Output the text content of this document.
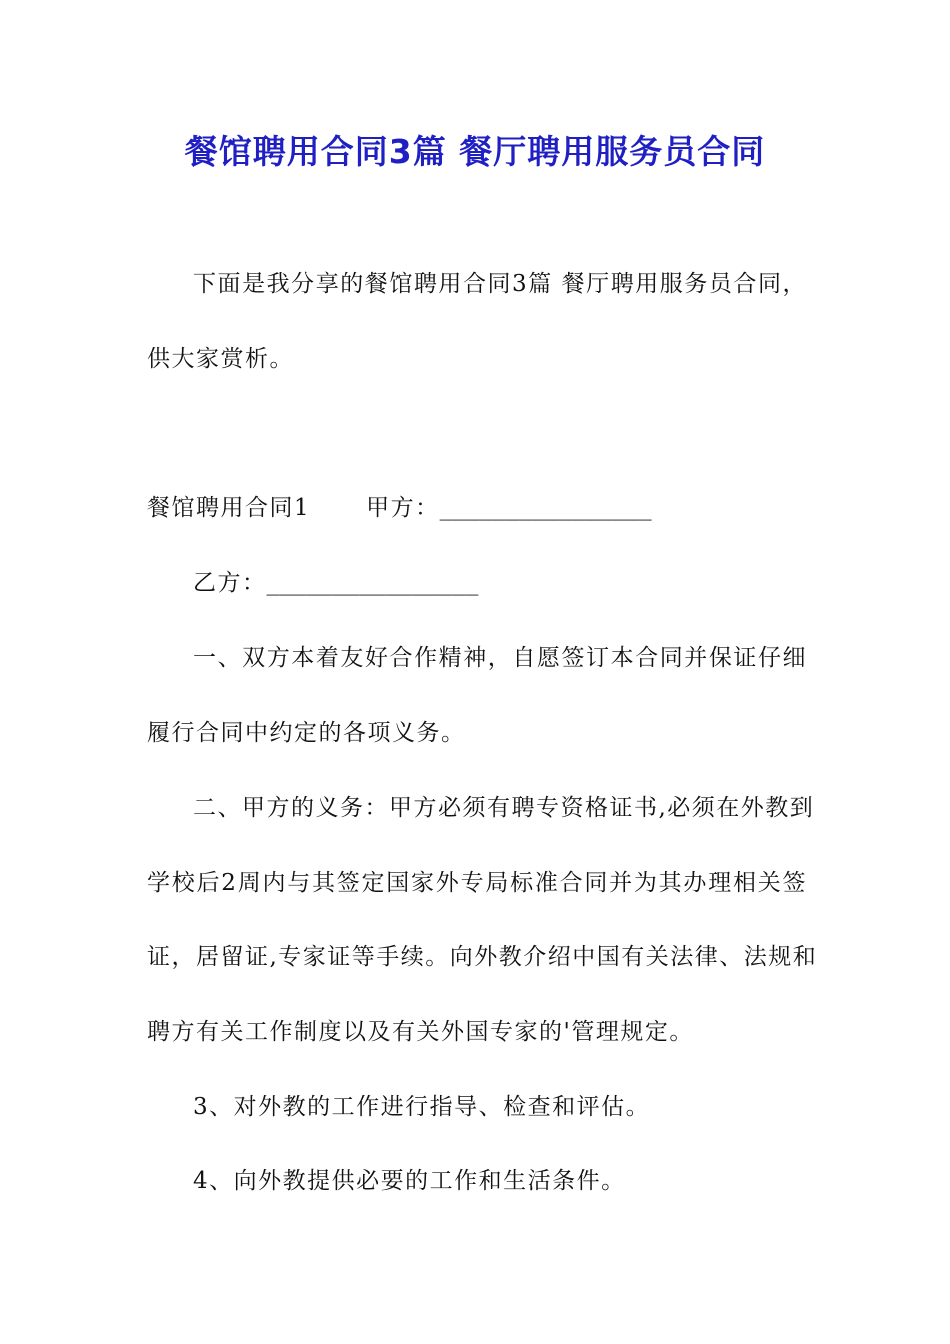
餐馆聘用合同3篇 餐厅聘用服务员合同

下面是我分享的餐馆聘用合同3篇 餐厅聘用服务员合同，

供大家赏析。

餐馆聘用合同1 甲方：________________

乙方：________________

一、双方本着友好合作精神，自愿签订本合同并保证仔细

履行合同中约定的各项义务。

二、甲方的义务：甲方必须有聘专资格证书,必须在外教到

学校后2周内与其签定国家外专局标准合同并为其办理相关签

证，居留证,专家证等手续。向外教介绍中国有关法律、法规和

聘方有关工作制度以及有关外国专家的'管理规定。

3、对外教的工作进行指导、检查和评估。

4、向外教提供必要的工作和生活条件。
